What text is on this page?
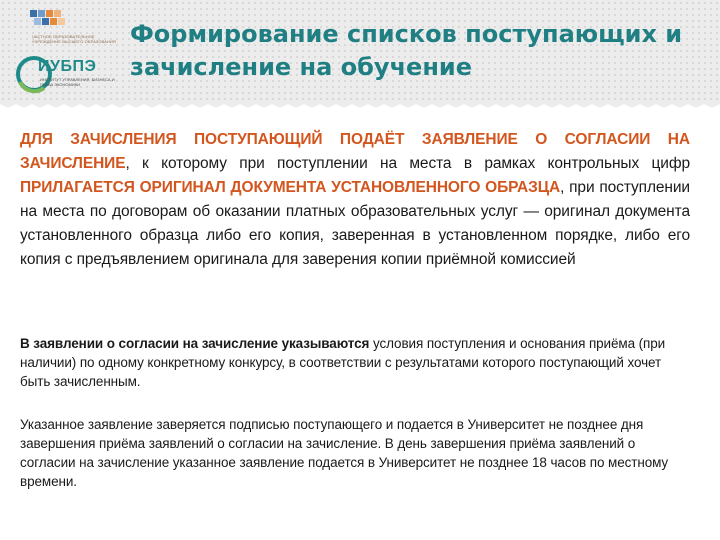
ЧАСТНОЕ ОБРАЗОВАТЕЛЬНОЕ УЧРЕЖДЕНИЕ ВЫСШЕГО ОБРАЗОВАНИЯ
ИУБПЭ
ИНСТИТУТ УПРАВЛЕНИЯ, БИЗНЕСА И ПРАВА ЭКОНОМИКИ
Формирование списков поступающих и зачисление на обучение
ДЛЯ ЗАЧИСЛЕНИЯ ПОСТУПАЮЩИЙ ПОДАЁТ ЗАЯВЛЕНИЕ О СОГЛАСИИ НА ЗАЧИСЛЕНИЕ, к которому при поступлении на места в рамках контрольных цифр ПРИЛАГАЕТСЯ ОРИГИНАЛ ДОКУМЕНТА УСТАНОВЛЕННОГО ОБРАЗЦА, при поступлении на места по договорам об оказании платных образовательных услуг — оригинал документа установленного образца либо его копия, заверенная в установленном порядке, либо его копия с предъявлением оригинала для заверения копии приёмной комиссией
В заявлении о согласии на зачисление указываются условия поступления и основания приёма (при наличии) по одному конкретному конкурсу, в соответствии с результатами которого поступающий хочет быть зачисленным.
Указанное заявление заверяется подписью поступающего и подается в Университет не позднее дня завершения приёма заявлений о согласии на зачисление. В день завершения приёма заявлений о согласии на зачисление указанное заявление подается в Университет не позднее 18 часов по местному времени.
